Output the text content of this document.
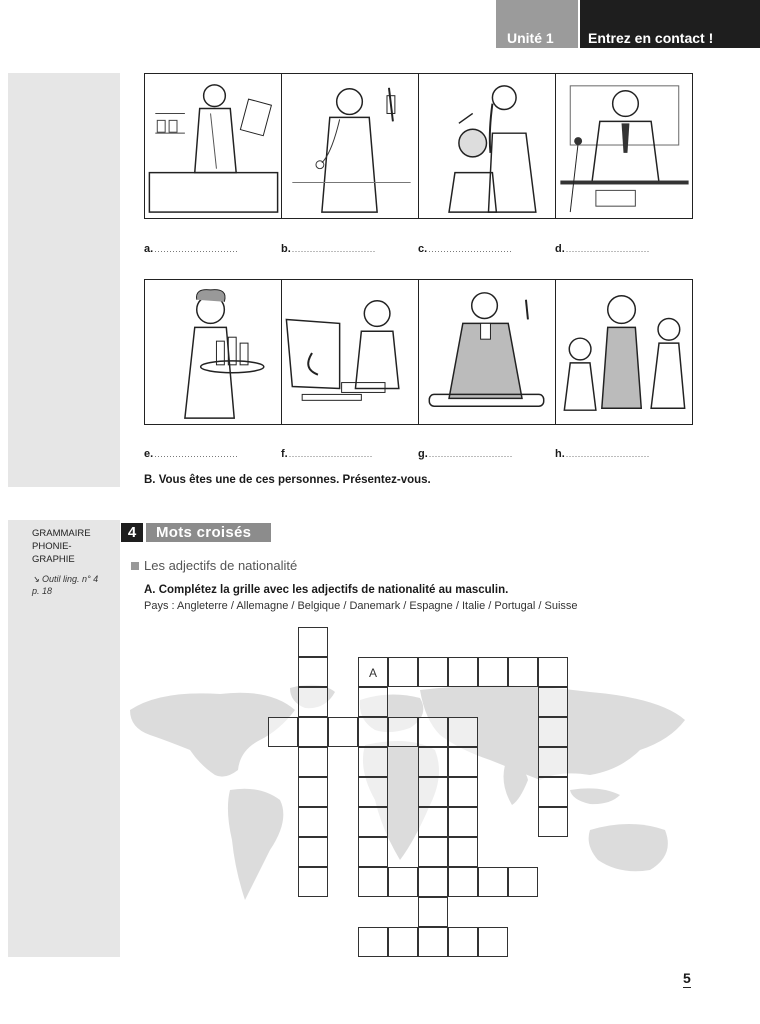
Unité 1	Entrez en contact !
a. ............................	b. ............................	c. ............................	d. ............................
e. ............................	f. ............................	g. ............................	h. ............................
B. Vous êtes une de ces personnes. Présentez-vous.
GRAMMAIRE
PHONIE-
GRAPHIE
↘ Outil ling. n° 4
p. 18
4	Mots croisés
Les adjectifs de nationalité
A. Complétez la grille avec les adjectifs de nationalité au masculin.
Pays : Angleterre / Allemagne / Belgique / Danemark / Espagne / Italie / Portugal / Suisse
A
5
